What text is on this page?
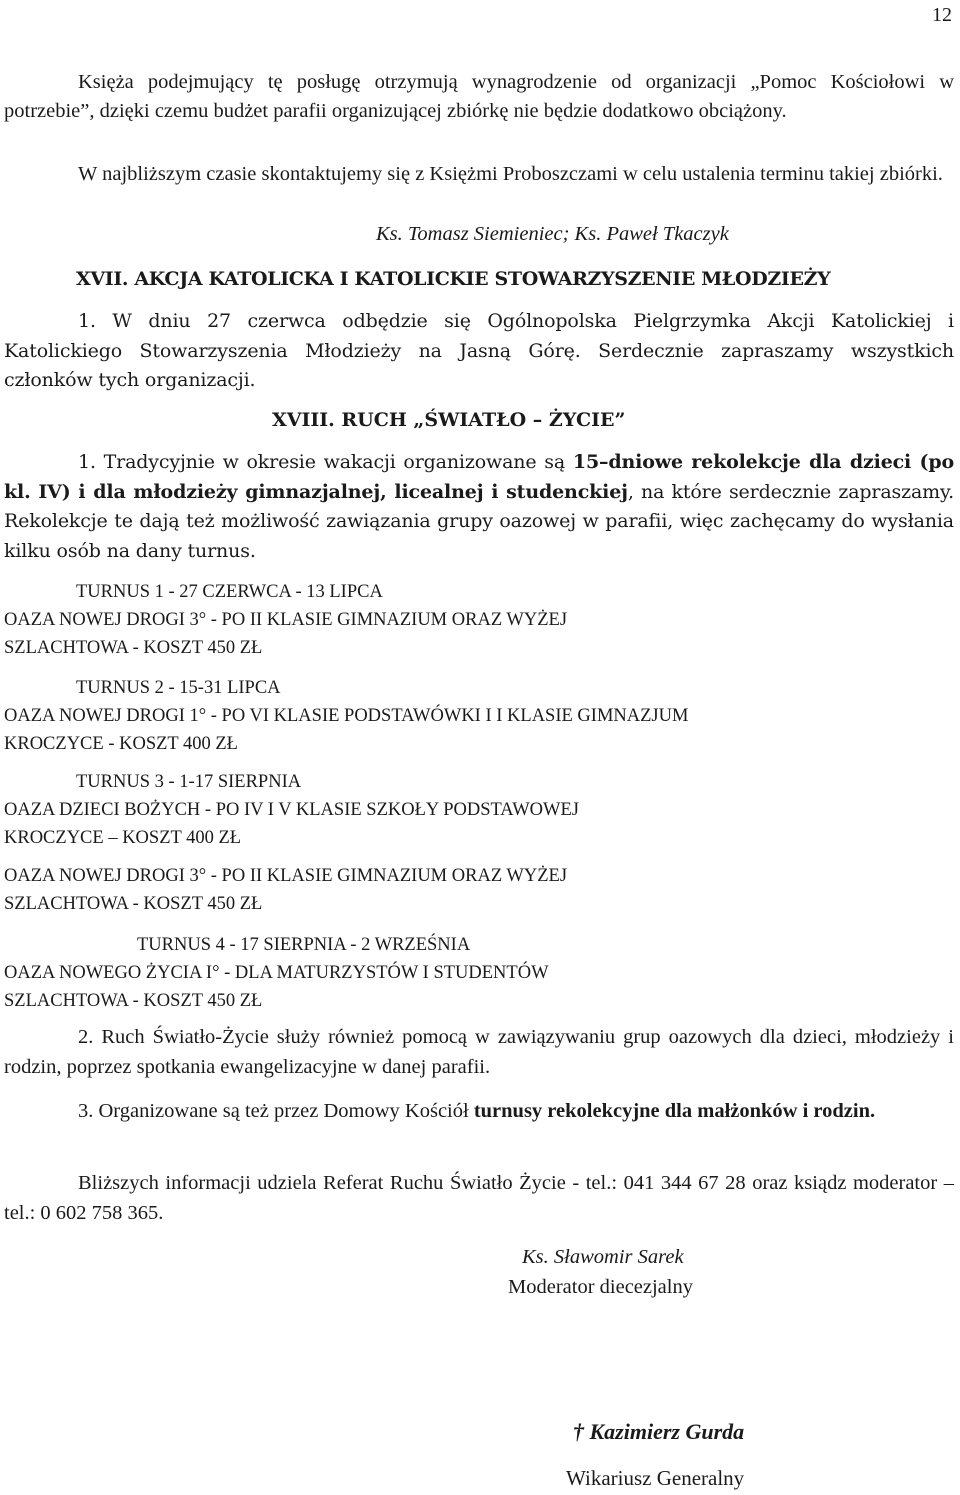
12

Księża podejmujący tę posługę otrzymują wynagrodzenie od organizacji „Pomoc Kościołowi w potrzebie”, dzięki czemu budżet parafii organizującej zbiórkę nie będzie dodatkowo obciążony.

W najbliższym czasie skontaktujemy się z Księżmi Proboszczami w celu ustalenia terminu takiej zbiórki.

Ks. Tomasz Siemieniec; Ks. Paweł Tkaczyk
XVII. AKCJA KATOLICKA I KATOLICKIE STOWARZYSZENIE MŁODZIEŻY

1. W dniu 27 czerwca odbędzie się Ogólnopolska Pielgrzymka Akcji Katolickiej i Katolickiego Stowarzyszenia Młodzieży na Jasną Górę. Serdecznie zapraszamy wszystkich członków tych organizacji.

XVIII. RUCH „ŚWIATŁO – ŻYCIE”

1. Tradycyjnie w okresie wakacji organizowane są 15–dniowe rekolekcje dla dzieci (po kl. IV) i dla młodzieży gimnazjalnej, licealnej i studenckiej, na które serdecznie zapraszamy. Rekolekcje te dają też możliwość zawiązania grupy oazowej w parafii, więc zachęcamy do wysłania kilku osób na dany turnus.

TURNUS 1 - 27 CZERWCA - 13 LIPCA
OAZA NOWEJ DROGI 3° - PO II KLASIE GIMNAZIUM ORAZ WYŻEJ
SZLACHTOWA - KOSZT 450 ZŁ
TURNUS 2 - 15-31 LIPCA
OAZA NOWEJ DROGI 1° - PO VI KLASIE PODSTAWÓWKI I I KLASIE GIMNAZJUM
KROCZYCE - KOSZT 400 ZŁ
TURNUS 3 - 1-17 SIERPNIA
OAZA DZIECI BOŻYCH - PO IV I V KLASIE SZKOŁY PODSTAWOWEJ
KROCZYCE – KOSZT 400 ZŁ
OAZA NOWEJ DROGI 3° - PO II KLASIE GIMNAZIUM ORAZ WYŻEJ
SZLACHTOWA - KOSZT 450 ZŁ
TURNUS 4 - 17 SIERPNIA - 2 WRZEŚNIA
OAZA NOWEGO ŻYCIA I° - DLA MATURZYSTÓW I STUDENTÓW
SZLACHTOWA - KOSZT 450 ZŁ

2. Ruch Światło-Życie służy również pomocą w zawiązywaniu grup oazowych dla dzieci, młodzieży i rodzin, poprzez spotkania ewangelizacyjne w danej parafii.

3. Organizowane są też przez Domowy Kościół turnusy rekolekcyjne dla małżonków i rodzin.

Bliższych informacji udziela Referat Ruchu Światło Życie - tel.: 041 344 67 28 oraz ksiądz moderator – tel.: 0 602 758 365.

Ks. Sławomir Sarek
Moderator diecezjalny
† Kazimierz Gurda
Wikariusz Generalny
